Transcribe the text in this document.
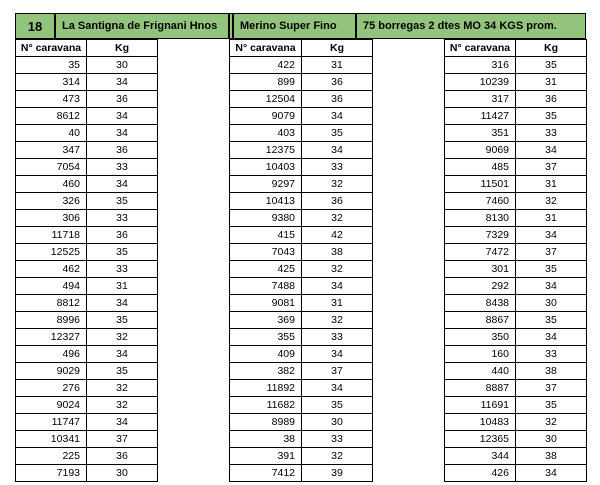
18	La Santigna de Frignani Hnos	Merino Super Fino	75 borregas 2 dtes MO 34 KGS prom.
N° caravana	Kg	
35	30	
314	34	
473	36	
8612	34	
40	34	
347	36	
7054	33	
460	34	
326	35	
306	33	
11718	36	
12525	35	
462	33	
494	31	
8812	34	
8996	35	
12327	32	
496	34	
9029	35	
276	32	
9024	32	
11747	34	
10341	37	
225	36	
7193	30	
N° caravana	Kg	
422	31	
899	36	
12504	36	
9079	34	
403	35	
12375	34	
10403	33	
9297	32	
10413	36	
9380	32	
415	42	
7043	38	
425	32	
7488	34	
9081	31	
369	32	
355	33	
409	34	
382	37	
11892	34	
11682	35	
8989	30	
38	33	
391	32	
7412	39	
N° caravana	Kg
316	35
10239	31
317	36
11427	35
351	33
9069	34
485	37
11501	31
7460	32
8130	31
7329	34
7472	37
301	35
292	34
8438	30
8867	35
350	34
160	33
440	38
8887	37
11691	35
10483	32
12365	30
344	38
426	34
